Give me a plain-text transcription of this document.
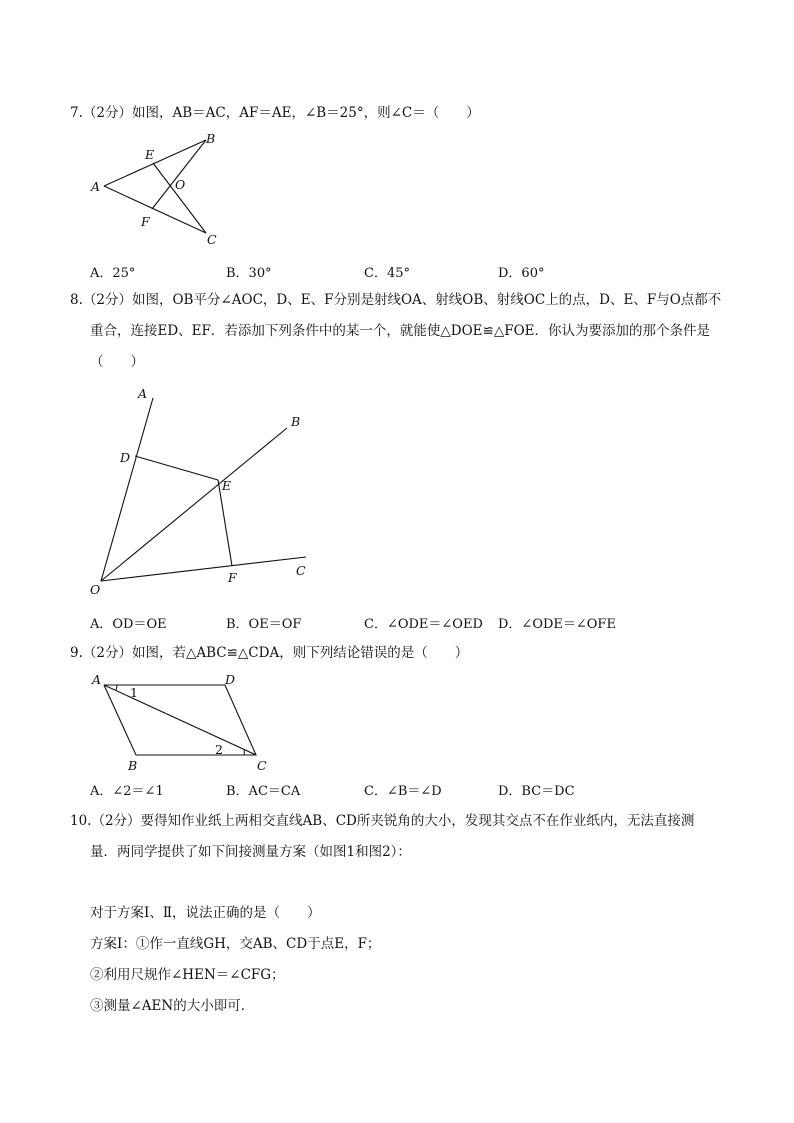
7.（2分）如图，AB＝AC，AF＝AE，∠B＝25°，则∠C＝（　　）
A
B
C
E
F
O
A．25°	B．30°	C．45°	D．60°
8.（2分）如图，OB平分∠AOC，D、E、F分别是射线OA、射线OB、射线OC上的点，D、E、F与O点都不
重合，连接ED、EF．若添加下列条件中的某一个，就能使△DOE≌△FOE．你认为要添加的那个条件是
（　　）
A
B
C
D
E
F
O
A．OD＝OE	B．OE＝OF	C．∠ODE＝∠OED D．∠ODE＝∠OFE
9.（2分）如图，若△ABC≌△CDA，则下列结论错误的是（　　）
A	D
B	C
1
2
A．∠2＝∠1	B．AC＝CA	C．∠B＝∠D	D．BC＝DC
10.（2分）要得知作业纸上两相交直线AB、CD所夹锐角的大小，发现其交点不在作业纸内，无法直接测
量．两同学提供了如下间接测量方案（如图1和图2）：
对于方案Ⅰ、Ⅱ，说法正确的是（　　）
方案Ⅰ：①作一直线GH，交AB、CD于点E，F；
②利用尺规作∠HEN＝∠CFG；
③测量∠AEN的大小即可．
